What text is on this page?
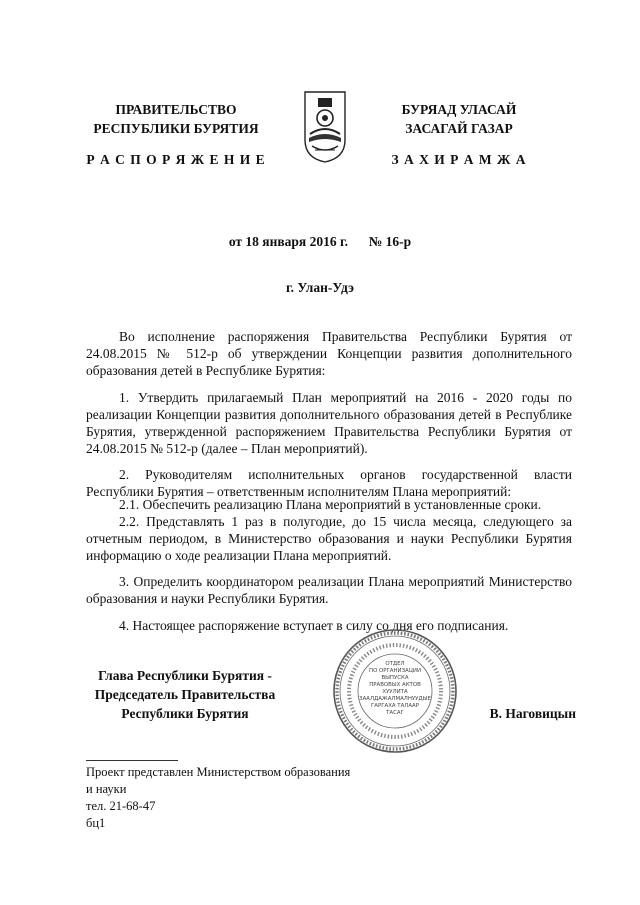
ПРАВИТЕЛЬСТВО
РЕСПУБЛИКИ БУРЯТИЯ
Р А С П О Р Я Ж Е Н И Е
БУРЯАД УЛАСАЙ
ЗАСАГАЙ ГАЗАР
З А Х И Р А М Ж А
от 18 января 2016 г. № 16-р
г. Улан-Удэ
Во исполнение распоряжения Правительства Республики Бурятия от 24.08.2015 № 512-р об утверждении Концепции развития дополнительного образования детей в Республике Бурятия:
1. Утвердить прилагаемый План мероприятий на 2016 - 2020 годы по реализации Концепции развития дополнительного образования детей в Республике Бурятия, утвержденной распоряжением Правительства Республики Бурятия от 24.08.2015 № 512-р (далее – План мероприятий).
2. Руководителям исполнительных органов государственной власти Республики Бурятия – ответственным исполнителям Плана мероприятий:
2.1. Обеспечить реализацию Плана мероприятий в установленные сроки.
2.2. Представлять 1 раз в полугодие, до 15 числа месяца, следующего за отчетным периодом, в Министерство образования и науки Республики Бурятия информацию о ходе реализации Плана мероприятий.
3. Определить координатором реализации Плана мероприятий Министерство образования и науки Республики Бурятия.
4. Настоящее распоряжение вступает в силу со дня его подписания.
Глава Республики Бурятия -
Председатель Правительства
Республики Бурятия
ОТДЕЛ
ПО ОРГАНИЗАЦИИ
ВЫПУСКА
ПРАВОВЫХ АКТОВ
ХУУЛИТА
ЗААЛДАЖАЛМАЛНУУДЫЕ
ГАРГАХА ТАЛААР
ТАСАГ	В. Наговицын
Проект представлен Министерством образования
и науки
тел. 21-68-47
бц1
